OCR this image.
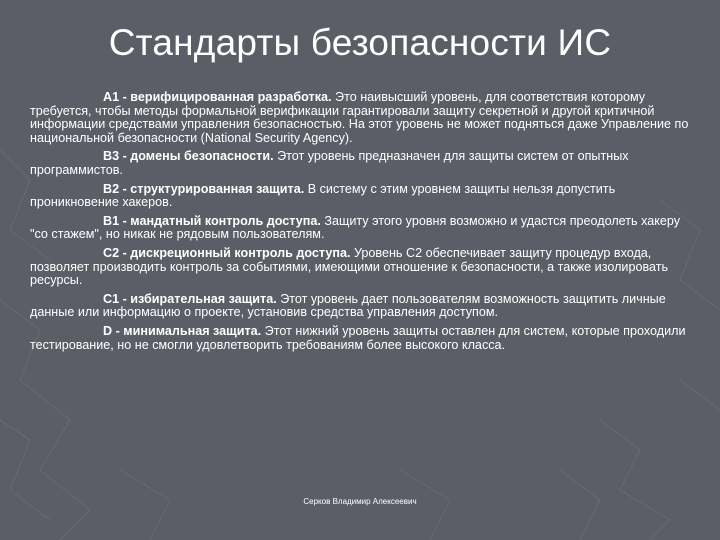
Стандарты безопасности ИС

А1 - верифицированная разработка. Это наивысший уровень, для соответствия которому требуется, чтобы методы формальной верификации гарантировали защиту секретной и другой критичной информации средствами управления безопасностью. На этот уровень не может подняться даже Управление по национальной безопасности (National Security Agency).

В3 - домены безопасности. Этот уровень предназначен для защиты систем от опытных программистов.

В2 - структурированная защита. В систему с этим уровнем защиты нельзя допустить проникновение хакеров.

В1 - мандатный контроль доступа. Защиту этого уровня возможно и удастся преодолеть хакеру "со стажем", но никак не рядовым пользователям.

С2 - дискреционный контроль доступа. Уровень С2 обеспечивает защиту процедур входа, позволяет производить контроль за событиями, имеющими отношение к безопасности, а также изолировать ресурсы.

С1 - избирательная защита. Этот уровень дает пользователям возможность защитить личные данные или информацию о проекте, установив средства управления доступом.

D - минимальная защита. Этот нижний уровень защиты оставлен для систем, которые проходили тестирование, но не смогли удовлетворить требованиям более высокого класса.

Серков Владимир Алексеевич
